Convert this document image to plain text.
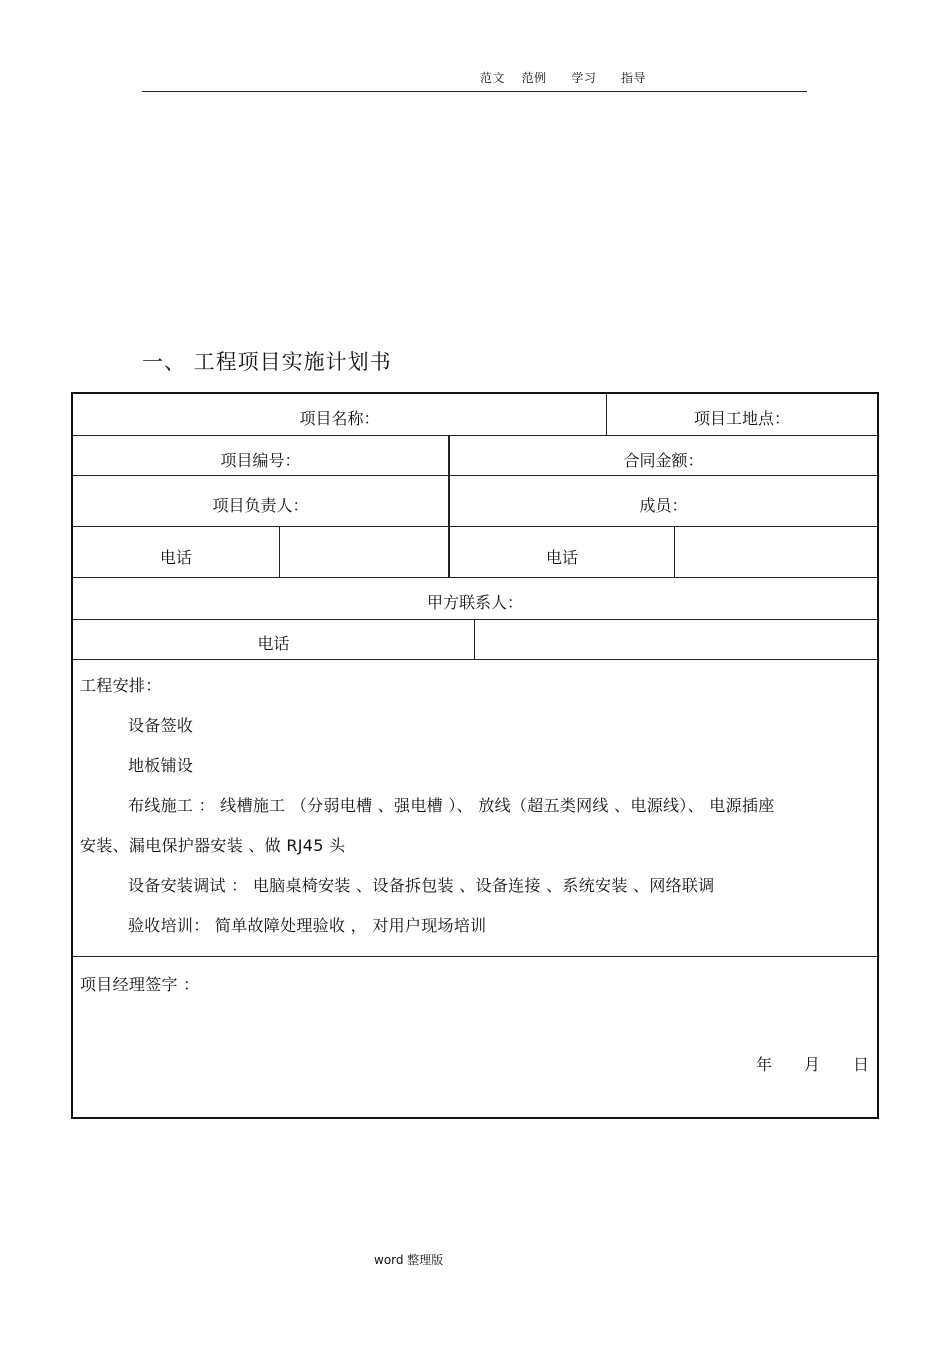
范文 范例 学习 指导
一、 工程项目实施计划书
项目名称：	项目工地点：
项目编号：	合同金额：
项目负责人：	成员：
电话	电话
甲方联系人：
电话
工程安排：
设备签收
地板铺设
布线施工 ： 线槽施工 （分弱电槽 、强电槽 ）、 放线（超五类网线 、电源线）、 电源插座
安装、漏电保护器安装 、做 RJ45 头
设备安装调试 ： 电脑桌椅安装 、设备拆包装 、设备连接 、系统安装 、网络联调
验收培训： 简单故障处理验收 ， 对用户现场培训
项目经理签字 ：
年 月 日
word 整理版
